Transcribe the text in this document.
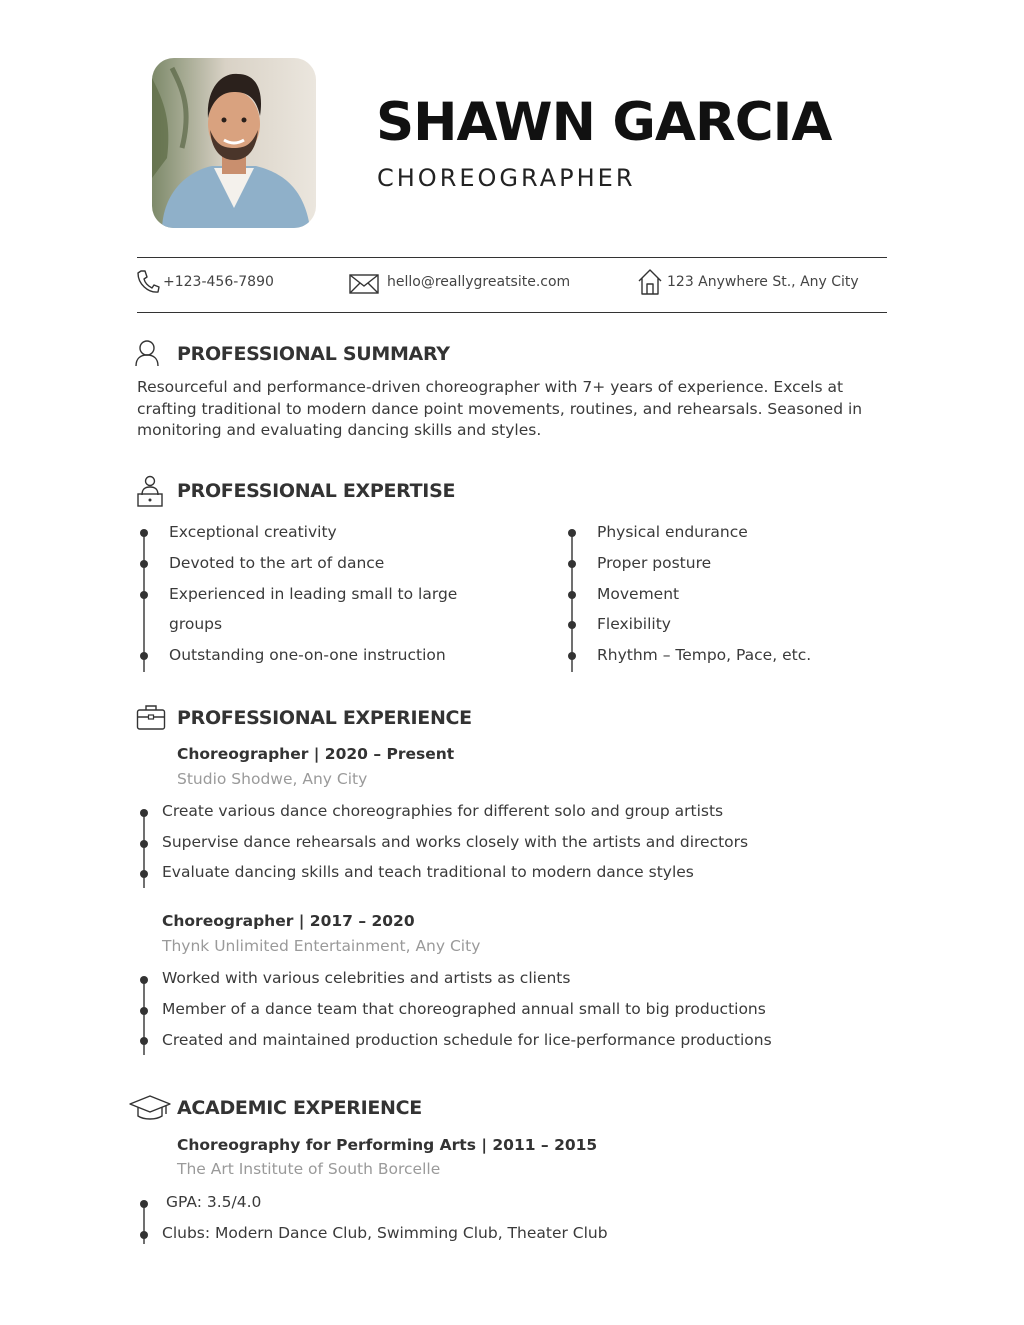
SHAWN GARCIA
CHOREOGRAPHER
+123-456-7890	hello@reallygreatsite.com	123 Anywhere St., Any City
PROFESSIONAL SUMMARY
Resourceful and performance-driven choreographer with 7+ years of experience. Excels at crafting traditional to modern dance point movements, routines, and rehearsals. Seasoned in monitoring and evaluating dancing skills and styles.
PROFESSIONAL EXPERTISE
Exceptional creativity
Devoted to the art of dance
Experienced in leading small to large
groups
Outstanding one-on-one instruction
Physical endurance
Proper posture
Movement
Flexibility
Rhythm – Tempo, Pace, etc.
PROFESSIONAL EXPERIENCE
Choreographer | 2020 – Present
Studio Shodwe, Any City
Create various dance choreographies for different solo and group artists
Supervise dance rehearsals and works closely with the artists and directors
Evaluate dancing skills and teach traditional to modern dance styles
Choreographer | 2017 – 2020
Thynk Unlimited Entertainment, Any City
Worked with various celebrities and artists as clients
Member of a dance team that choreographed annual small to big productions
Created and maintained production schedule for lice-performance productions
ACADEMIC EXPERIENCE
Choreography for Performing Arts | 2011 – 2015
The Art Institute of South Borcelle
GPA: 3.5/4.0
Clubs: Modern Dance Club, Swimming Club, Theater Club
